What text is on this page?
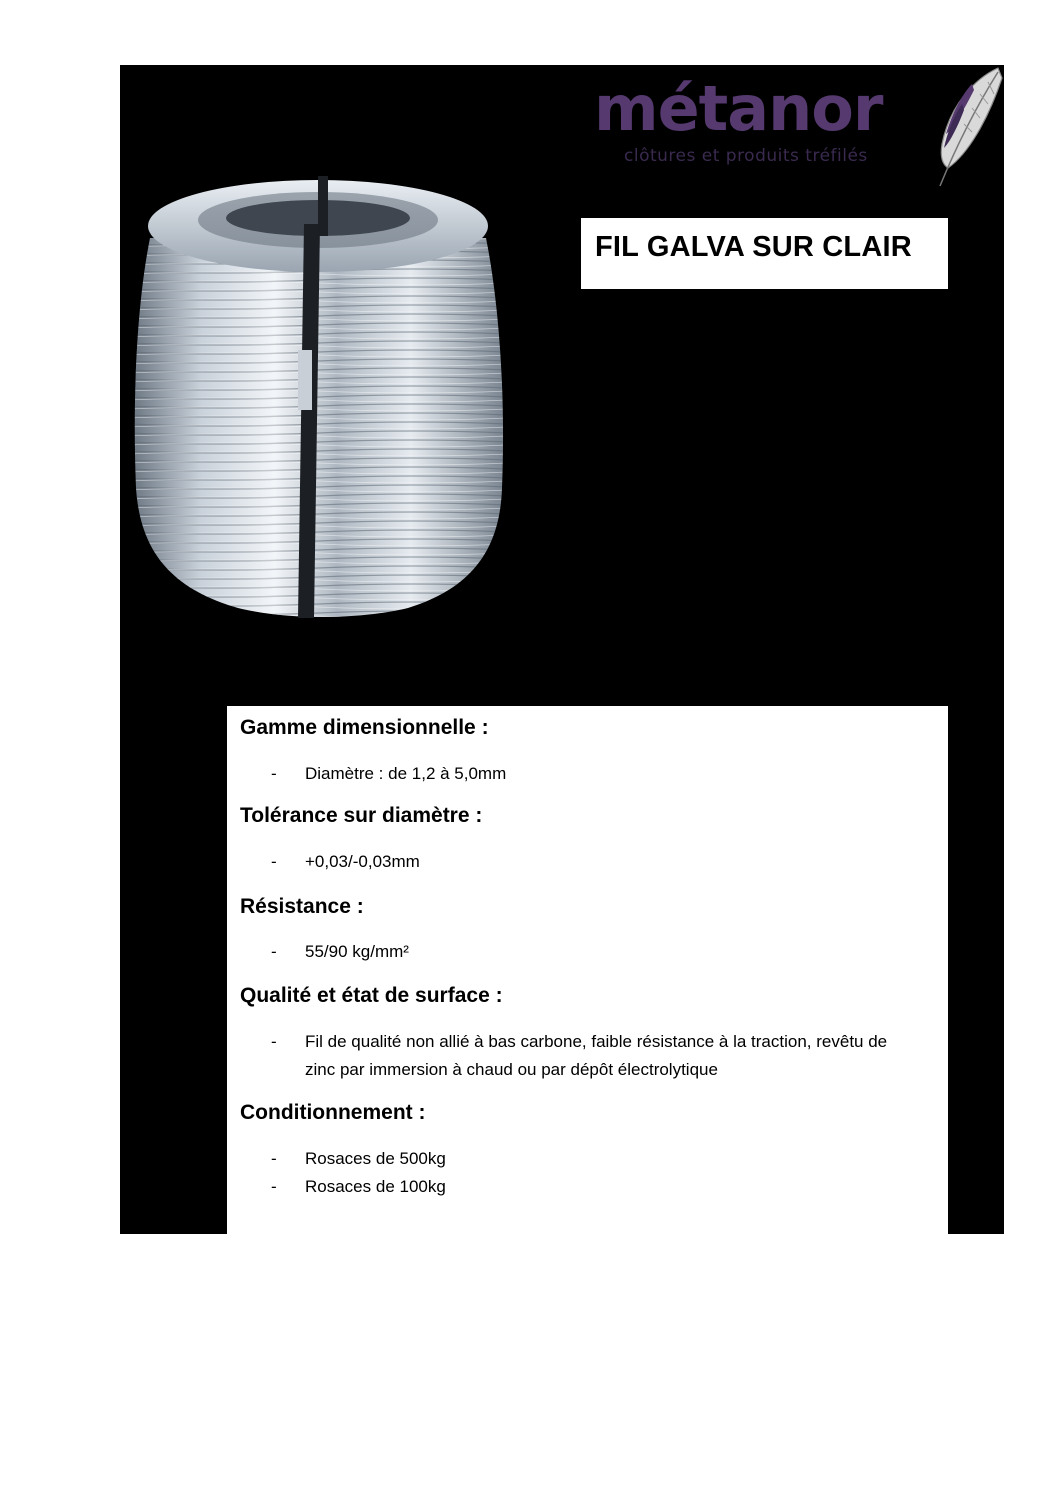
métanor
clôtures et produits tréfilés
FIL GALVA SUR CLAIR
Gamme dimensionnelle :
- Diamètre : de 1,2 à 5,0mm
Tolérance sur diamètre :
- +0,03/-0,03mm
Résistance :
- 55/90 kg/mm²
Qualité et état de surface :
- Fil de qualité non allié à bas carbone, faible résistance à la traction, revêtu de zinc par immersion à chaud ou par dépôt électrolytique
Conditionnement :
- Rosaces de 500kg
- Rosaces de 100kg
